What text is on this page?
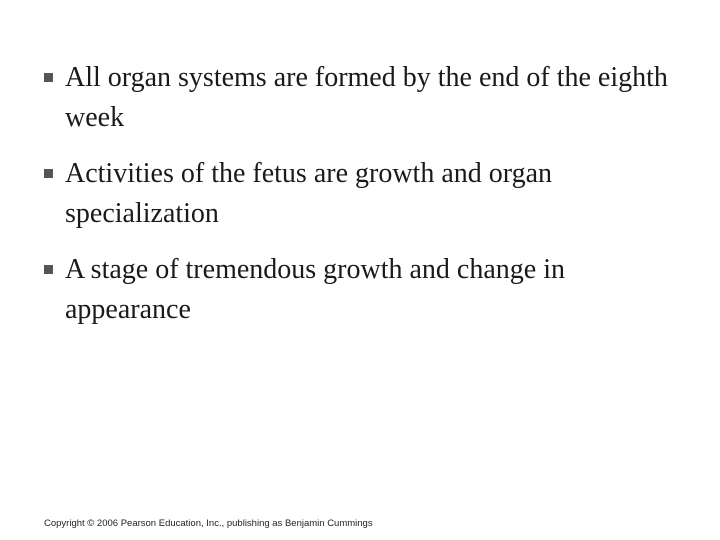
All organ systems are formed by the end of the eighth week
Activities of the fetus are growth and organ specialization
A stage of tremendous growth and change in appearance
Copyright © 2006 Pearson Education, Inc., publishing as Benjamin Cummings
